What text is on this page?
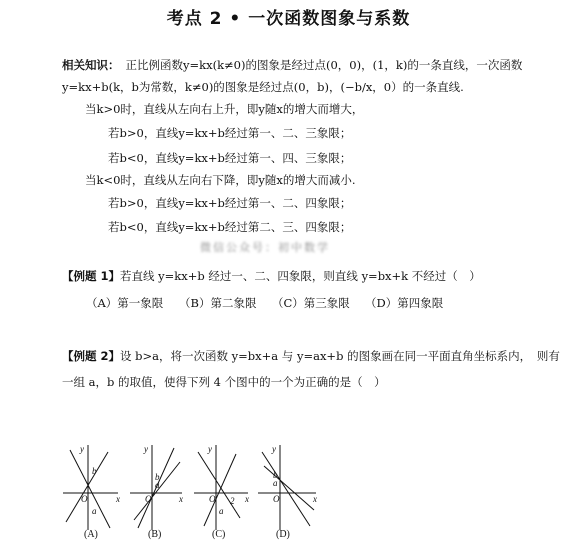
考点 2 • 一次函数图象与系数
相关知识： 正比例函数y=kx(k≠0)的图象是经过点(0，0)，(1，k)的一条直线，一次函数
y=kx+b(k，b为常数，k≠0)的图象是经过点(0，b)，(−b/x，0）的一条直线.
当k>0时，直线从左向右上升，即y随x的增大而增大，
若b>0，直线y=kx+b经过第一、二、三象限；
若b<0，直线y=kx+b经过第一、四、三象限；
当k<0时，直线从左向右下降，即y随x的增大而减小.
若b>0，直线y=kx+b经过第一、二、四象限；
若b<0，直线y=kx+b经过第二、三、四象限；
微信公众号：初中数学
【例题 1】若直线 y=kx+b 经过一、二、四象限，则直线 y=bx+k 不经过（　）
（A）第一象限 （B）第二象限 （C）第三象限 （D）第四象限
【例题 2】设 b>a，将一次函数 y=bx+a 与 y=ax+b 的图象画在同一平面直角坐标系内，　则有
一组 a，b 的取值，使得下列 4 个图中的一个为正确的是（　）
y
x
O
b
a
y
x
O
b
a
y
x
O 2
a
y
x
O
b
a
(A)	(B)	(C)	(D)
